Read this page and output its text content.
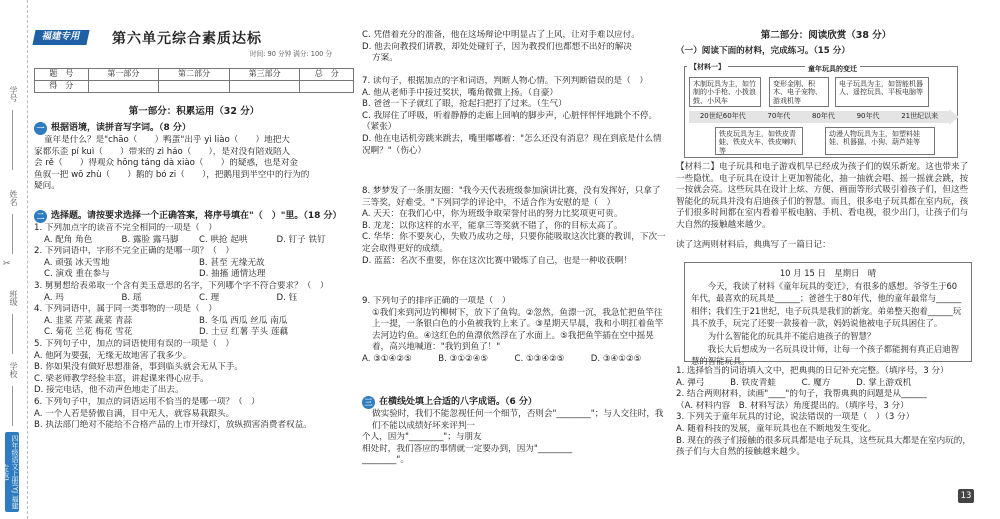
学号
姓名
✂
班级
学校
四年级语文上册(YJ 福建专版)
福建专用	第六单元综合素质达标
时间: 90 分钟 满分: 100 分
题　号	第一部分	第二部分	第三部分	总　分
得　分				
第一部分：积累运用（32 分）
一 根据语境，读拼音写字词。（8 分）
童年是什么？是"chāo（　　）鸭蛋"出乎 yì liào（　　）地把大
家都乐歪 pí kuì（　　）带来的 zì háo（　　），是对没有陪戏陪人
会 rě（　　）得观众 hōng táng dà xiào（　　）的疑惑，也是对金
鱼叙一把 wō zhù（　　）鹅的 bó zi（　　），把鹅甩到半空中的行为的
疑问。
二 选择题。请按要求选择一个正确答案，将序号填在"（　）"里。（18 分）
1. 下列加点字的读音不完全相同的一项是（　）
A. 配角 角色	B. 露脸 露马脚	C. 哄抢 起哄	D. 钉子 铁钉
2. 下列词语中，字形不完全正确的是哪一项？（　）
A. 顽强 冰天雪地	B. 甚至 无缘无故
C. 演戏 重在参与	D. 抽搐 通情达理
3. 舅舅想给表弟取一个含有美玉意思的名字，下列哪个字不符合要求？（　）
A. 玛	B. 瑶	C. 理	D. 钰
4. 下列词语中，属于同一类事物的一项是（　）
A. 韭菜 芹菜 蔬菜 青蒜	B. 冬瓜 西瓜 丝瓜 南瓜
C. 菊花 兰花 梅花 雪花	D. 土豆 红薯 芋头 莲藕
5. 下列句子中，加点的词语使用有误的一项是（　）
A. 他阿为要强，无缘无故地害了我多少。
B. 你如果没有做好思想准备，事到临头就会无从下手。
C. 梁老师教学经验丰富，讲起课来得心应手。
D. 接完电话，他不动声色地走了出去。
6. 下列句子中，加点的词语运用不恰当的是哪一项？（　）
A. 一个人若是骄傲自满，目中无人，就容易栽跟头。
B. 执法部门绝对不能给不合格产品的上市开绿灯，放纵损害消费者权益。
C. 凭借着充分的准备，他在这场辩论中明显占了上风，让对手难以应付。
D. 他去向教授们请教，却处处碰钉子，因为教授们也都想不出好的解决
方案。
7. 读句子，根据加点的字和词语，判断人物心情。下列判断错误的是（　）
A. 他从老师手中接过奖状，嘴角微微上扬。（自豪）
B. 爸爸一下子就红了眼，抢起扫把打了过来。（生气）
C. 我屏住了呼吸，听着静静的走廊上回响的脚步声，心脏怦怦怦地跳个不停。（紧张）
D. 他在电话机旁跳来跳去，嘴里嘟嘟着："怎么还没有消息？现在到底是什么情况啊？"（伤心）
8. 梦梦发了一条朋友圈："我今天代表班级参加演讲比赛，没有发挥好，只拿了三等奖，好难受。"下列同学的评论中，不适合作为安慰的是（　）
A. 天天：在我们心中，你为班级争取荣誉付出的努力比奖项更可贵。
B. 龙龙：以你这样的水平，能拿三等奖就不错了，你的目标太高了。
C. 华华：你不要灰心，失败乃成功之母，只要你能吸取这次比赛的教训，下次一定会取得更好的成绩。
D. 蓝蓝：名次不重要，你在这次比赛中锻炼了自己，也是一种收获啊！
9. 下列句子的排序正确的一项是（　）
①我们来到河边钓柳树下，放下了鱼钩。②忽然，鱼漂一沉，我急忙把鱼竿往上一提，一条银白色的小鱼被我钓上来了。③星期天早晨，我和小明扛着鱼竿去河边钓鱼。④这红色的鱼漂依然浮在了水面上。⑤我把鱼竿插在空中摇晃着，高兴地喊道："我钓到鱼了！"
A. ③①④②⑤	B. ③①②④⑤	C. ①③④②⑤	D. ③④①②⑤
三 在横线处填上合适的八字成语。（6 分）
做实验时，我们不能忽视任何一个细节，否则会"________"；与人交往时，我们不能以成绩好坏来评判一
个人，因为"________"；与朋友
相处时，我们答应的事情就一定要办到，因为"________
________"。
第二部分：阅读欣赏（38 分）
（一）阅读下面的材料，完成练习。（15 分）
【材料一】	童年玩具的变迁
木制玩具为主，如竹制的小手枪、小拨浪鼓、小风车
变形金刚、积木、电子宠物、游戏机等
电子玩具为主，如智能机器人、遥控玩具、平板电脑等
20世纪60年代	70年代	80年代	90年代	21世纪以来
铁皮玩具为主，如铁皮青蛙、铁皮火车、铁皮喇叭等
动漫人物玩具为主，如塑料娃娃、机器猫、小狗、葫芦娃等
【材料二】电子玩具和电子游戏机早已经成为孩子们的娱乐新宠。这也带来了一些隐忧。电子玩具在设计上更加智能化，抽一抽就会唱、摇一摇就会跳，按一按就会亮。这些玩具在设计上炫、方便、画面等形式吸引着孩子们，但这些智能化的玩具并没有启迪孩子们的智慧。而且，很多电子玩具都在室内玩，孩子们很多时间都在室内看着平板电脑、手机、看电视，很少出门，让孩子们与大自然的接触越来越少。
读了这两则材料后，典典写了一篇日记：
10 月 15 日　星期日　晴
今天，我读了材料《童年玩具的变迁》，有很多的感想。爷爷生于60年代，最喜欢的玩具是______；爸爸生于80年代，他的童年最常与______
相伴；我们生于21世纪，电子玩具是我们的新宠。弟弟整天抱着______玩具不放手，玩完了还要一款接着一款，妈妈说他被电子玩具困住了。
为什么智能化的玩具并不能启迪孩子的智慧？
我长大后想成为一名玩具设计师，让每一个孩子都能拥有真正启迪智慧的智能玩具。
1. 选择恰当的词语填入文中，把典典的日记补充完整。（填序号，3 分）
A. 弹弓　　　B. 铁皮青蛙　　　C. 魔方　　　D. 掌上游戏机
2. 结合两则材料，读画"____"的句子，我帮典典的问题是从______
（A. 材料内容　B. 材料写法）角度提出的。（填序号，3 分）
3. 下列关于童年玩具的讨论，说法错误的一项是（　）（3 分）
A. 随着科技的发展，童年玩具也在不断地发生变化。
B. 现在的孩子们接触的很多玩具都是电子玩具，这些玩具大都是在室内玩的，孩子们与大自然的接触越来越少。
13
